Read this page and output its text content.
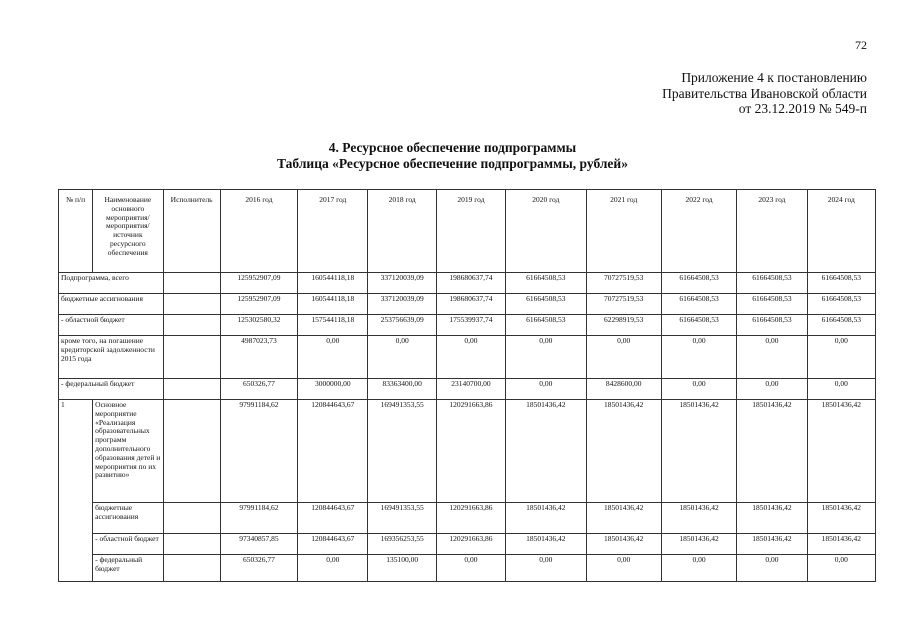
72
Приложение 4 к постановлению
Правительства Ивановской области
от 23.12.2019 № 549-п
4. Ресурсное обеспечение подпрограммы
Таблица «Ресурсное обеспечение подпрограммы, рублей»
№ п/п	Наименование основного мероприятия/ мероприятия/ источник ресурсного обеспечения	Исполнитель	2016 год	2017 год	2018 год	2019 год	2020 год	2021 год	2022 год	2023 год	2024 год
Подпрограмма, всего			125952907,09	160544118,18	337120039,09	198680637,74	61664508,53	70727519,53	61664508,53	61664508,53	61664508,53
бюджетные ассигнования			125952907,09	160544118,18	337120039,09	198680637,74	61664508,53	70727519,53	61664508,53	61664508,53	61664508,53
- областной бюджет			125302580,32	157544118,18	253756639,09	175539937,74	61664508,53	62298919,53	61664508,53	61664508,53	61664508,53
кроме того, на погашение кредиторской задолженности 2015 года			4987023,73	0,00	0,00	0,00	0,00	0,00	0,00	0,00	0,00
- федеральный бюджет			650326,77	3000000,00	83363400,00	23140700,00	0,00	8428600,00	0,00	0,00	0,00
1	Основное мероприятие «Реализация образовательных программ дополнительного образования детей и мероприятия по их развитию»		97991184,62	120844643,67	169491353,55	120291663,86	18501436,42	18501436,42	18501436,42	18501436,42	18501436,42
	бюджетные ассигнования		97991184,62	120844643,67	169491353,55	120291663,86	18501436,42	18501436,42	18501436,42	18501436,42	18501436,42
	- областной бюджет		97340857,85	120844643,67	169356253,55	120291663,86	18501436,42	18501436,42	18501436,42	18501436,42	18501436,42
	- федеральный бюджет		650326,77	0,00	135100,00	0,00	0,00	0,00	0,00	0,00	0,00
